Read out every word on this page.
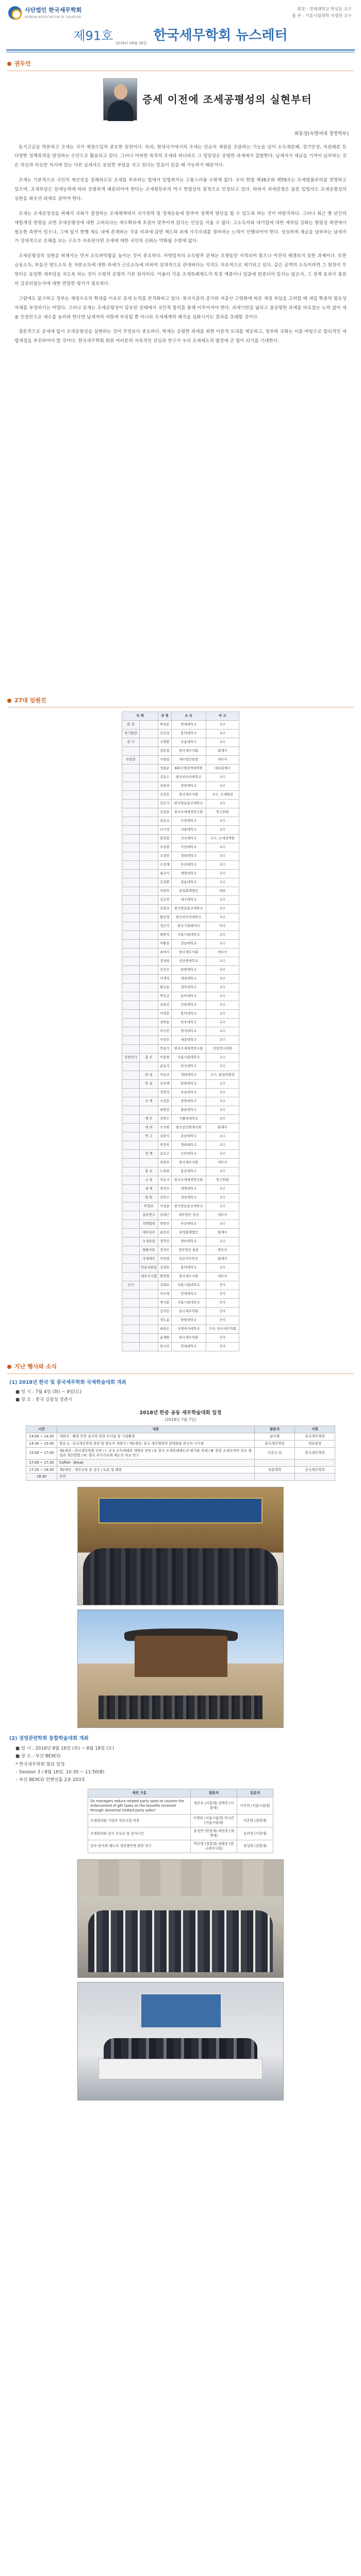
사단법인 한국세무학회
KOREAN ASSOCIATION OF TAXATION
회장 : 연세대학교 박상운 교수
홈 주 : 서울시립대학 이영한 교수
제91호 2018년 09월 30일 한국세무학회 뉴스레터
권두언
증세 이전에 조세공평성의 실현부터
최봉성(숙명여대 경영학부)

동서고금을 막론하고 조세는 국가 재정수입의 중요한 원천이다. 특히, 현대국가에서의 조세는 단순히 재원을 조달하는 기능을 넘어 소득재분배, 경기안정, 자원배분 등 다양한 정책목적을 달성하는 수단으로 활용되고 있다. 그러나 어떠한 목적의 조세라 하더라도 그 정당성은 공평한 과세에서 출발한다. 납세자가 세금을 기꺼이 납부하는 것은 자신과 비슷한 처지에 있는 다른 납세자도 동일한 부담을 지고 있다는 믿음이 있을 때 가능하기 때문이다.

조세는 기본적으로 국민의 재산권을 침해하므로 조세를 부과하는 법에서 입법취지는 고통스러울 수밖에 없다. 우리 헌법 제38조와 제59조는 조세법률주의를 천명하고 있으며, 조세부담은 담세능력에 따라 공평하게 배분되어야 한다는 조세평등주의 역시 헌법상의 원칙으로 인정되고 있다. 따라서 과세관청은 물론 입법자도 조세공평성의 실현을 최우선 과제로 삼아야 한다.

조세는 조세공정성을 위해서 국회가 결정하는 조세체계에서 국가전략 및 경제운용에 맞추어 정책적 판단을 할 수 있도록 하는 것이 바람직하다. 그러나 최근 몇 년간의 세법개정 방향을 보면 조세공평성에 대한 고려보다는 세수확보에 초점이 맞추어져 있다는 인상을 지울 수 없다. 고소득자와 대기업에 대한 세부담 강화는 형평성 측면에서 필요한 측면이 있으나, 그에 앞서 현행 제도 내에 존재하는 각종 비과세·감면 제도와 과세 사각지대를 정비하는 노력이 선행되어야 한다. 성실하게 세금을 납부하는 납세자가 상대적으로 손해를 보는 구조가 지속된다면 조세에 대한 국민의 신뢰는 약화될 수밖에 없다.

조세공평성의 실현을 위해서는 먼저 소득파악률을 높이는 것이 중요하다. 자영업자의 소득탈루 문제는 오랫동안 지적되어 왔으나 여전히 해결되지 못한 과제이다. 또한 금융소득, 부동산 양도소득 등 자본소득에 대한 과세가 근로소득에 비하여 상대적으로 관대하다는 지적도 지속적으로 제기되고 있다. 같은 금액의 소득이라면 그 원천이 무엇이든 동일한 세부담을 지도록 하는 것이 수평적 공평의 기본 원리이다. 아울러 각종 조세특례제도가 특정 계층이나 업종에 편중되어 있지는 않은지, 그 정책 효과가 충분히 검증되었는지에 대한 면밀한 평가가 필요하다.

그럼에도 불구하고 정부는 재정수요의 확대를 이유로 증세 논의를 본격화하고 있다. 복지지출의 증가와 저출산·고령화에 따른 재정 부담을 고려할 때 세입 확충의 필요성 자체를 부정하기는 어렵다. 그러나 증세는 조세공평성이 담보된 상태에서 국민적 합의를 통해 이루어져야 한다. 과세기반을 넓히고 불공평한 과세를 바로잡는 노력 없이 세율 인상만으로 세수를 늘리려 한다면 납세자의 저항에 부딪힐 뿐 아니라 조세체계의 왜곡을 심화시키는 결과를 초래할 것이다.

결론적으로 증세에 앞서 조세공평성을 실현하는 것이 무엇보다 중요하다. 학계는 공평한 과세를 위한 이론적 토대를 제공하고, 정부와 국회는 이를 바탕으로 합리적인 세법개정을 추진하여야 할 것이다. 한국세무학회 회원 여러분의 지속적인 관심과 연구가 우리 조세제도의 발전에 큰 힘이 되기를 기대한다.

27대 임원진
직 책		성 명	소 속	비 고
회 장		박상운	연세대학교	교수
차기회장		김진성	홍익대학교	교수
감 사		조명환	우송대학교	교수
		김문철	한국세무사회	회계사
부회장		서영섭	세무법인한결	세무사
		정용순	KDI국제정책대학원	대표회계사
		김동수	한국외국어대학교	교수
		유한라	중앙대학교	교수
		김정호	한국세무사회	교수, 조세발전
		김승기	한국방송통신대학교	교수
		김상훈	한국조세재정연구원	연구위원
		장준규	인천대학교	교수
		나기정	서울대학교	교수
		홍영철	건국대학교	교수, 조세정책원
		오상현	가천대학교	교수
		오정민	경희대학교	교수
		조정재	부산대학교	교수
		최규식	계명대학교	교수
		김경환	광운대학교	교수
		이현숙	삼일회계법인	대표
		김승연	대구대학교	교수
		공창국	한국방송통신대학교	교수
		황동영	한국외국어대학교	교수
		정은미	한국기업데이터	이사
		최원석	서울시립대학교	교수
		이환웅	전남대학교	교수
		최대식	한국세무사회	세무사
		정성희	성균관대학교	교수
		김진우	한양대학교	교수
		이재성	대전대학교	교수
		황규동	경북대학교	교수
		박민규	동아대학교	교수
		유현진	인하대학교	교수
		이창훈	홍익대학교	교수
		김하늘	아주대학교	교수
		이수민	명지대학교	교수
		서정우	세종대학교	교수
		안종석	한국조세재정연구원	선임연구위원
상임이사	총 무	이종현	서울시립대학교	교수
		윤동석	단국대학교	교수
	편 집	이준규	경희대학교	교수, 편집위원장
	학 술	김우택	한양대학교	교수
		정영석	숭실대학교	교수
	국 제	서정훈	중앙대학교	교수
		최형선	충남대학교	교수
	재 무	김학수	가톨릭대학교	교수
	대 외	조석희	한국공인회계사회	회계사
	연 구	김완석	강남대학교	교수
		박성욱	경희대학교	교수
	정 책	송호근	국민대학교	교수
		임형주	한국세무사회	세무사
	홍 보	노희천	울산대학교	교수
	교 육	이동기	한국조세재정연구원	연구위원
	세 제	박정우	계명대학교	교수
	회 원	김민수	경상대학교	교수
	IT정보	이경준	한국방송통신대학교	교수
	실무연구	김대근	세무법인 정석	세무사
	지역협력	박현우	부산대학교	교수
	세무실무	최성진	삼정회계법인	회계사
	조세포럼	정혁진	영남대학교	교수
	법률자문	강성모	법무법인 율촌	변호사
	국제세무	이상엽	딜로이트안진	회계사
	학술지편집	김경호	홍익대학교	교수
	세무사시험	황명철	한국세무사회	세무사
간사		김태호	서울시립대학교	간사
		이소영	연세대학교	간사
		박지훈	서울시립대학교	간사
		김지민	한국세무학회	간사
		정도윤	한양대학교	간사
		최하은	숙명여자대학교	간사, 한국세무학회
		윤재원	한국세무학회	간사
		한서진	연세대학교	간사
지난 행사와 소식
(1) 2018년 한국 및 중국세무학회 국제학술대회 개최
■ 일 시 : 7월 4일 (화) ~ 9일(토)
■ 장 소 : 중국 길림성 장춘시
2018년 한중 공동 세무학술대회 일정
(2018년 7월 7일)
시간	내용	발표자	사회
14:00 ~ 14:30	개회식 : 환영 만찬 중국측 회장 인사말 및 기념촬영	남사례	중국세무학회
14:30 ~ 15:00	발표 1 : 중국세무학회 회장 및 발표자 개회식 / 제1세션: 중국 세무행정의 현대화와 한국의 시사점	중국세무학회	대표회장
15:00 ~ 17:00	제1세션 : 한국세무학회 주관 / Ⅰ. 중국 소득세제의 개혁과 전망 / Ⅱ. 한국 조세특례제도의 평가와 과제 / Ⅲ. 한중 조세조약의 주요 쟁점과 개선방향 / Ⅳ. 양국 부가가치세 제도의 비교 연구	이준규 외	한국세무학회
17:00 ~ 17:20	Coffee - Break		
17:20 ~ 18:30	제2세션 : 세무교육 및 실무 / 토론 및 폐회	장춘대학	중국세무학회
18:30	만찬		
(2) 경영관련학회 통합학술대회 개최
■ 일 시 : 2018년 8월 16일 (목) ~ 8월 18일 (토)
■ 장 소 : 부산 BEXCO
* 한국세무학회 발표 일정
– Session 3 / 8월 16일, 10:30 ~ 11:50(B)
– 부산 BEXCO 컨벤션홀 2층 203호
세션 구분	발표자	토론자
Do managers reduce related party sales to counter the enforcement of gift taxes on the benefits received through abnormal related-party sales?	정운오 (서울대) 권혁민 (서울대)	이우현 (서울시립대)
조세회피와 기업의 자본조달 비용	이영란 (서울시립대) 안나은 (서울시립대)	이준혁 (경희대)
조세회피와 감사 수수료 및 감사시간	윤성만 (한림대) 최민정 (계명대)	김진영 (가천대)
상속·증여세 제도의 개선방안에 관한 연구	박주영 (경희대) 최병준 (한국세무사회)	정성희 (강원대)
